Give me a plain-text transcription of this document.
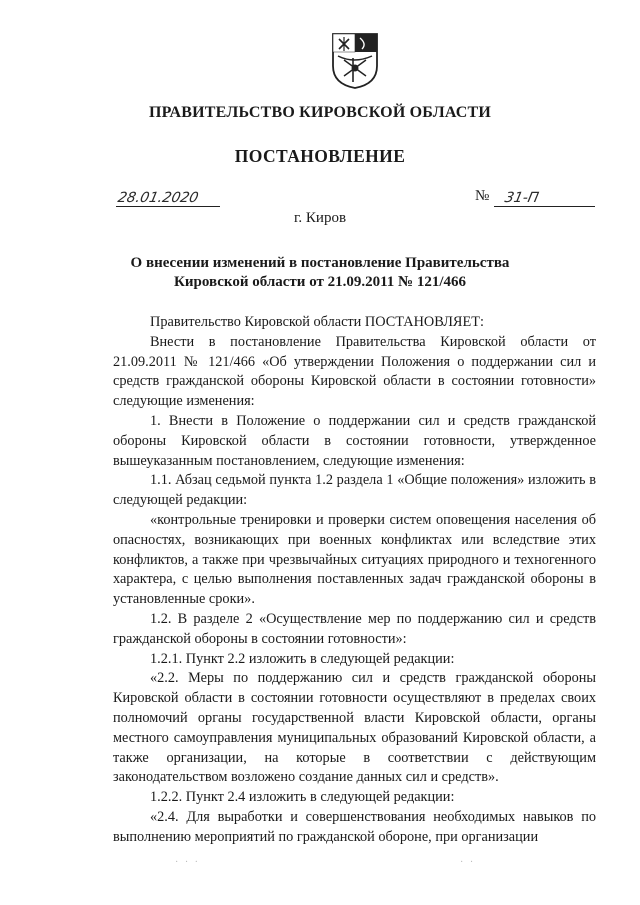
ПРАВИТЕЛЬСТВО КИРОВСКОЙ ОБЛАСТИ
ПОСТАНОВЛЕНИЕ
28.01.2020	№ 31-П
г. Киров
О внесении изменений в постановление Правительства
Кировской области от 21.09.2011 № 121/466

Правительство Кировской области ПОСТАНОВЛЯЕТ:

Внести в постановление Правительства Кировской области от 21.09.2011 № 121/466 «Об утверждении Положения о поддержании сил и средств гражданской обороны Кировской области в состоянии готовности» следующие изменения:

1. Внести в Положение о поддержании сил и средств гражданской обороны Кировской области в состоянии готовности, утвержденное вышеуказанным постановлением, следующие изменения:

1.1. Абзац седьмой пункта 1.2 раздела 1 «Общие положения» изложить в следующей редакции:

«контрольные тренировки и проверки систем оповещения населения об опасностях, возникающих при военных конфликтах или вследствие этих конфликтов, а также при чрезвычайных ситуациях природного и техногенного характера, с целью выполнения поставленных задач гражданской обороны в установленные сроки».

1.2. В разделе 2 «Осуществление мер по поддержанию сил и средств гражданской обороны в состоянии готовности»:

1.2.1. Пункт 2.2 изложить в следующей редакции:

«2.2. Меры по поддержанию сил и средств гражданской обороны Кировской области в состоянии готовности осуществляют в пределах своих полномочий органы государственной власти Кировской области, органы местного самоуправления муниципальных образований Кировской области, а также организации, на которые в соответствии с действующим законодательством возложено создание данных сил и средств».

1.2.2. Пункт 2.4 изложить в следующей редакции:

«2.4. Для выработки и совершенствования необходимых навыков по выполнению мероприятий по гражданской обороне, при организации

· · ·	· ·
